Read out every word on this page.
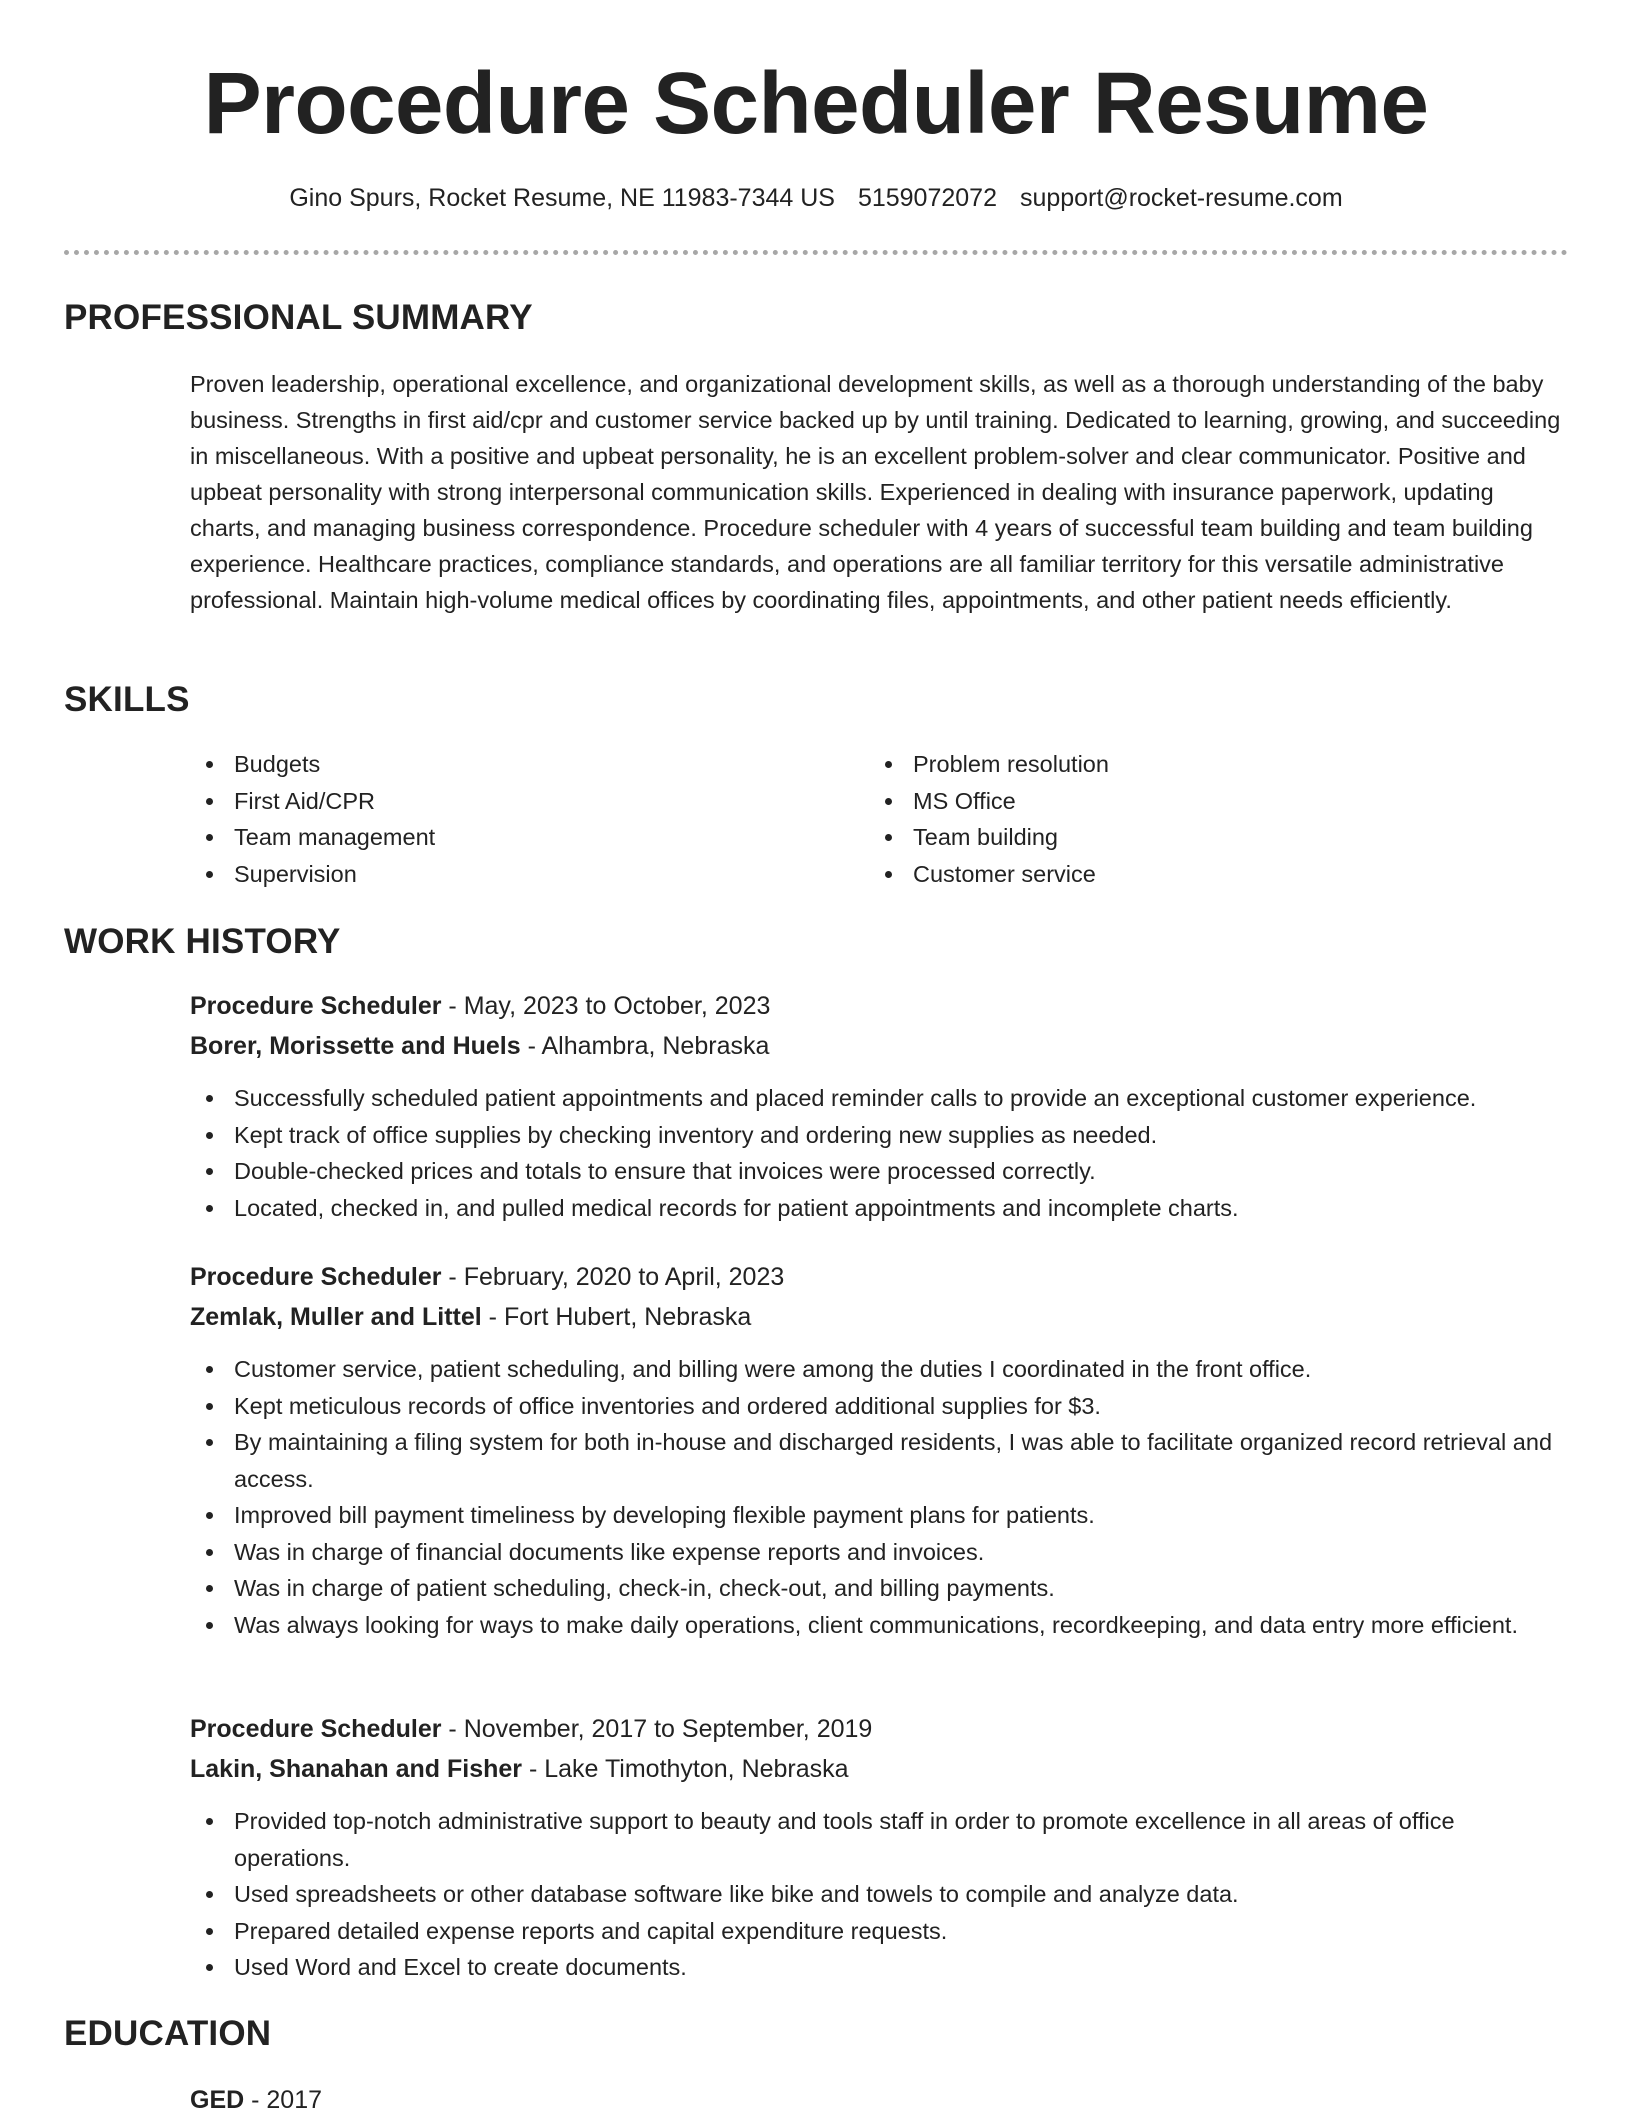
Procedure Scheduler Resume
Gino Spurs, Rocket Resume, NE 11983-7344 US 5159072072 support@rocket-resume.com
PROFESSIONAL SUMMARY

Proven leadership, operational excellence, and organizational development skills, as well as a thorough understanding of the baby business. Strengths in first aid/cpr and customer service backed up by until training. Dedicated to learning, growing, and succeeding in miscellaneous. With a positive and upbeat personality, he is an excellent problem-solver and clear communicator. Positive and upbeat personality with strong interpersonal communication skills. Experienced in dealing with insurance paperwork, updating charts, and managing business correspondence. Procedure scheduler with 4 years of successful team building and team building experience. Healthcare practices, compliance standards, and operations are all familiar territory for this versatile administrative professional. Maintain high-volume medical offices by coordinating files, appointments, and other patient needs efficiently.

SKILLS
Budgets
First Aid/CPR
Team management
Supervision
Problem resolution
MS Office
Team building
Customer service
WORK HISTORY
Procedure Scheduler - May, 2023 to October, 2023
Borer, Morissette and Huels - Alhambra, Nebraska
Successfully scheduled patient appointments and placed reminder calls to provide an exceptional customer experience.
Kept track of office supplies by checking inventory and ordering new supplies as needed.
Double-checked prices and totals to ensure that invoices were processed correctly.
Located, checked in, and pulled medical records for patient appointments and incomplete charts.
Procedure Scheduler - February, 2020 to April, 2023
Zemlak, Muller and Littel - Fort Hubert, Nebraska
Customer service, patient scheduling, and billing were among the duties I coordinated in the front office.
Kept meticulous records of office inventories and ordered additional supplies for $3.
By maintaining a filing system for both in-house and discharged residents, I was able to facilitate organized record retrieval and access.
Improved bill payment timeliness by developing flexible payment plans for patients.
Was in charge of financial documents like expense reports and invoices.
Was in charge of patient scheduling, check-in, check-out, and billing payments.
Was always looking for ways to make daily operations, client communications, recordkeeping, and data entry more efficient.
Procedure Scheduler - November, 2017 to September, 2019
Lakin, Shanahan and Fisher - Lake Timothyton, Nebraska
Provided top-notch administrative support to beauty and tools staff in order to promote excellence in all areas of office operations.
Used spreadsheets or other database software like bike and towels to compile and analyze data.
Prepared detailed expense reports and capital expenditure requests.
Used Word and Excel to create documents.
EDUCATION
GED - 2017
